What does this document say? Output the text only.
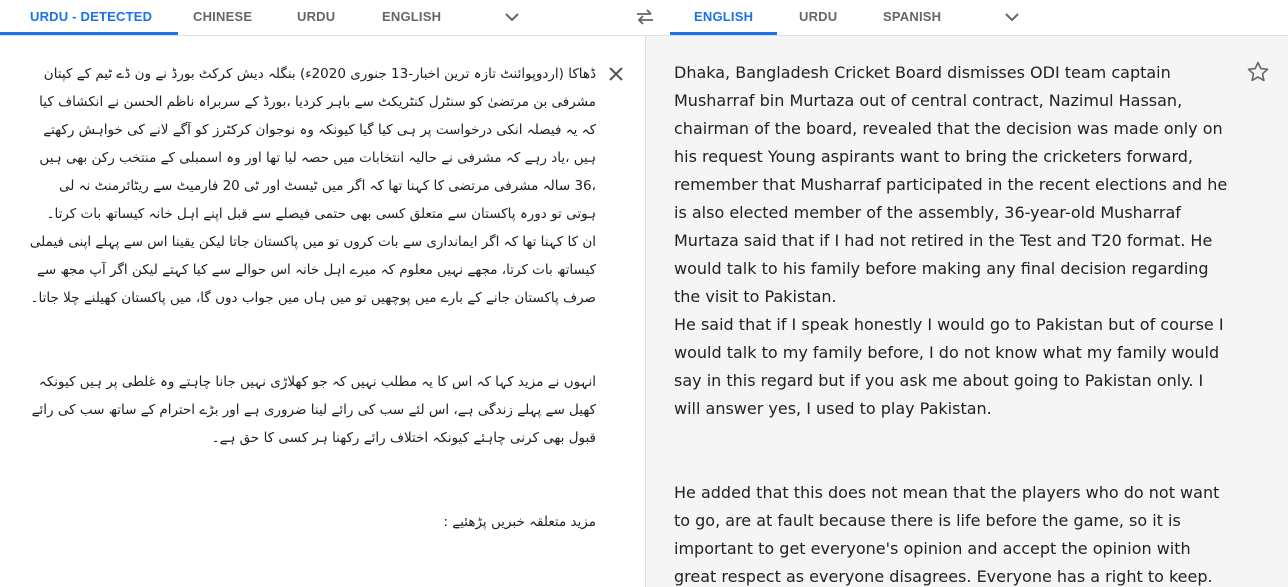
URDU - DETECTED	CHINESE	URDU	ENGLISH	ENGLISH	URDU	SPANISH
ڈھاکا (اردوپوائنٹ تازہ ترین اخبار-13 جنوری 2020ء) بنگلہ دیش کرکٹ بورڈ نے ون ڈے ٹیم کے کپتان مشرفی بن مرتضیٰ کو سنٹرل کنٹریکٹ سے باہر کردیا ،بورڈ کے سربراہ ناظم الحسن نے انکشاف کیا کہ یہ فیصلہ انکی درخواست پر ہی کیا گیا کیونکہ وہ نوجوان کرکٹرز کو آگے لانے کی خواہش رکھتے ہیں ،یاد رہے کہ مشرفی نے حالیہ انتخابات میں حصہ لیا تھا اور وہ اسمبلی کے منتخب رکن بھی ہیں ،36 سالہ مشرفی مرتضی کا کہنا تھا کہ اگر میں ٹیسٹ اور ٹی 20 فارمیٹ سے ریٹائرمنٹ نہ لی ہوتی تو دورہ پاکستان سے متعلق کسی بھی حتمی فیصلے سے قبل اپنے اہل خانہ کیساتھ بات کرتا۔
ان کا کہنا تھا کہ اگر ایمانداری سے بات کروں تو میں پاکستان جاتا لیکن یقینا اس سے پہلے اپنی فیملی کیساتھ بات کرتا، مجھے نہیں معلوم کہ میرے اہل خانہ اس حوالے سے کیا کہتے لیکن اگر آپ مجھ سے صرف پاکستان جانے کے بارے میں پوچھیں تو میں ہاں میں جواب دوں گا، میں پاکستان کھیلنے چلا جاتا۔

انہوں نے مزید کہا کہ اس کا یہ مطلب نہیں کہ جو کھلاڑی نہیں جانا چاہتے وہ غلطی پر ہیں کیونکہ کھیل سے پہلے زندگی ہے، اس لئے سب کی رائے لینا ضروری ہے اور بڑے احترام کے ساتھ سب کی رائے قبول بھی کرنی چاہئے کیونکہ اختلاف رائے رکھنا ہر کسی کا حق ہے۔

مزید متعلقہ خبریں پڑھئیے :
Dhaka, Bangladesh Cricket Board dismisses ODI team captain Musharraf bin Murtaza out of central contract, Nazimul Hassan, chairman of the board, revealed that the decision was made only on his request Young aspirants want to bring the cricketers forward, remember that Musharraf participated in the recent elections and he is also elected member of the assembly, 36-year-old Musharraf Murtaza said that if I had not retired in the Test and T20 format. He would talk to his family before making any final decision regarding the visit to Pakistan.
He said that if I speak honestly I would go to Pakistan but of course I would talk to my family before, I do not know what my family would say in this regard but if you ask me about going to Pakistan only. I will answer yes, I used to play Pakistan.

He added that this does not mean that the players who do not want to go, are at fault because there is life before the game, so it is important to get everyone's opinion and accept the opinion with great respect as everyone disagrees. Everyone has a right to keep.
